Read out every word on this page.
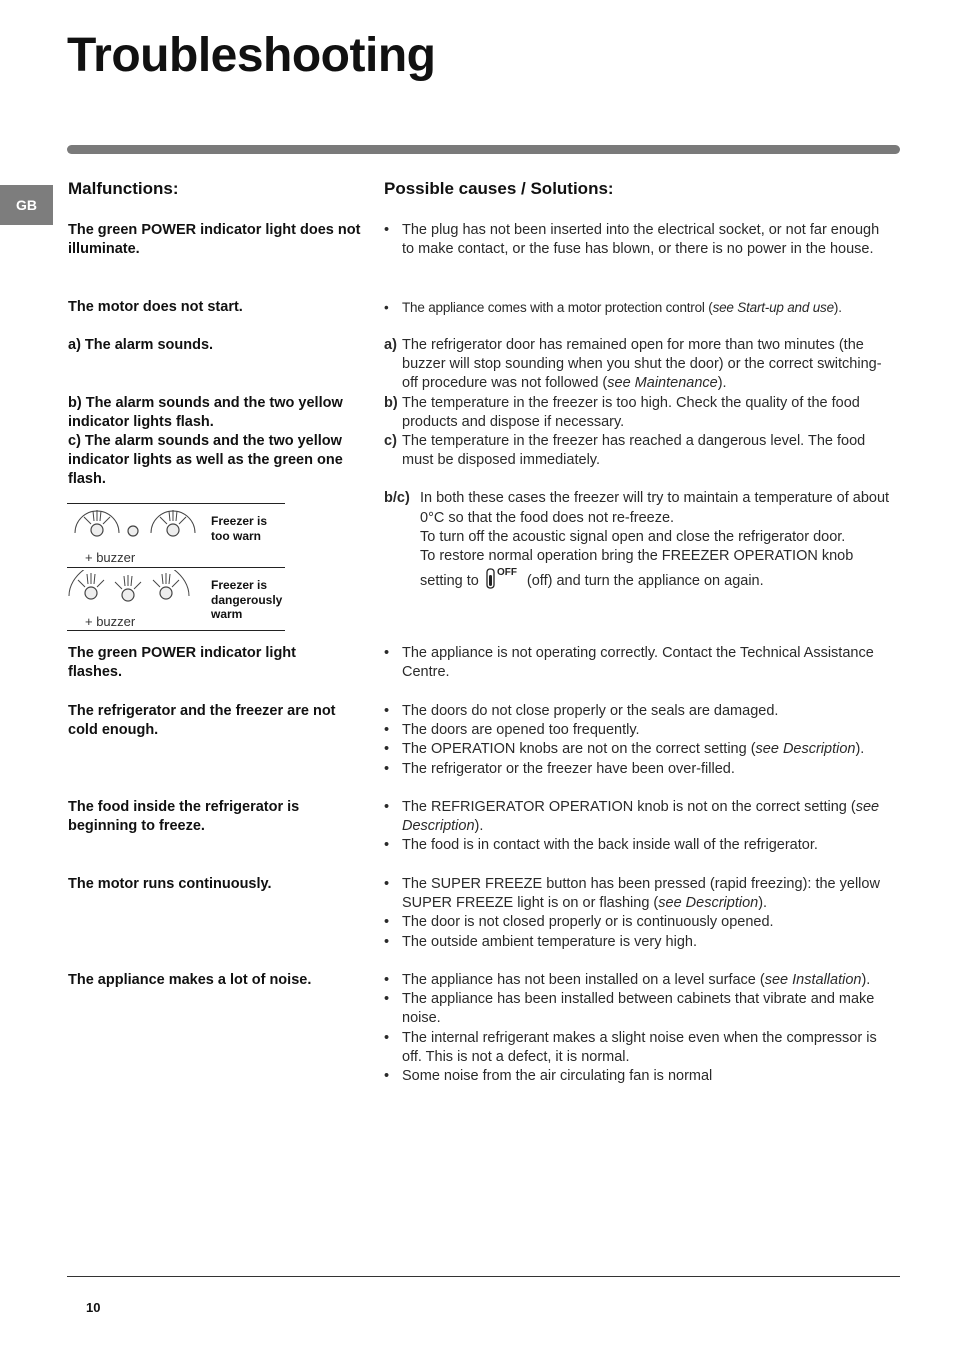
Troubleshooting
GB
Malfunctions:	Possible causes / Solutions:
The green POWER indicator light does not illuminate.
The motor does not start.
a) The alarm sounds.
b) The alarm sounds and the two yellow indicator lights flash.
c) The alarm sounds and the two yellow indicator lights as well as the green one flash.
The green POWER indicator light flashes.
The refrigerator and the freezer are not cold enough.
The food inside the refrigerator is beginning to freeze.
The motor runs continuously.
The appliance makes a lot of noise.
Freezer is
too warn
+ buzzer
Freezer is
dangerously
warm
+ buzzer
• The plug has not been inserted into the electrical socket, or not far enough to make contact, or the fuse has blown, or there is no power in the house.
• The appliance comes with a motor protection control (see Start-up and use).
a) The refrigerator door has remained open for more than two minutes (the buzzer will stop sounding when you shut the door) or the correct switching-off procedure was not followed (see Maintenance).
b) The temperature in the freezer is too high. Check the quality of the food products and dispose if necessary.
c) The temperature in the freezer has reached a dangerous level. The food must be disposed immediately.
b/c) In both these cases the freezer will try to maintain a temperature of about 0°C so that the food does not re-freeze.
To turn off the acoustic signal open and close the refrigerator door.
To restore normal operation bring the FREEZER OPERATION knob setting to
OFF
(off) and turn the appliance on again.
• The appliance is not operating correctly. Contact the Technical Assistance Centre.
• The doors do not close properly or the seals are damaged.
• The doors are opened too frequently.
• The OPERATION knobs are not on the correct setting (see Description).
• The refrigerator or the freezer have been over-filled.
• The REFRIGERATOR OPERATION knob is not on the correct setting (see Description).
• The food is in contact with the back inside wall of the refrigerator.
• The SUPER FREEZE button has been pressed (rapid freezing): the yellow SUPER FREEZE light is on or flashing (see Description).
• The door is not closed properly or is continuously opened.
• The outside ambient temperature is very high.
• The appliance has not been installed on a level surface (see Installation).
• The appliance has been installed between cabinets that vibrate and make noise.
• The internal refrigerant makes a slight noise even when the compressor is off. This is not a defect, it is normal.
• Some noise from the air circulating fan is normal
10
